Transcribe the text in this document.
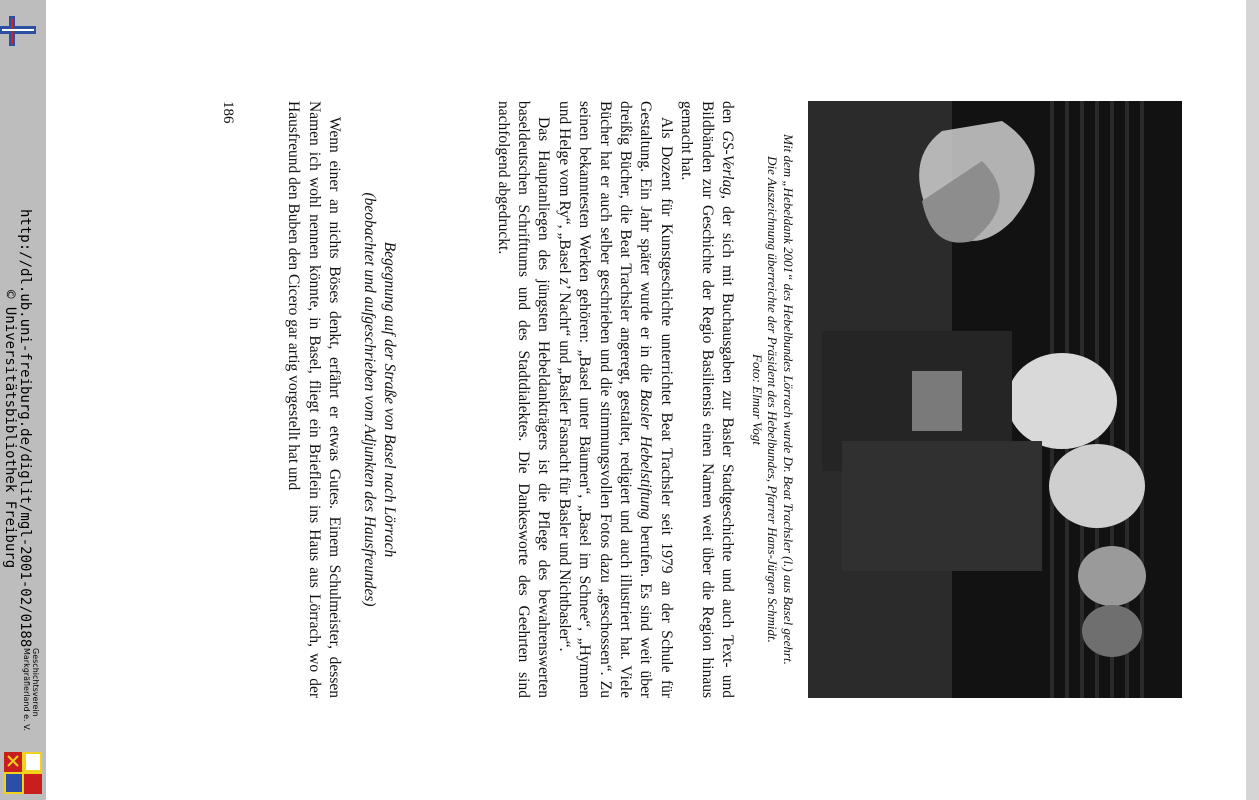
http://dl.ub.uni-freiburg.de/diglit/mgl-2001-02/0188
© Universitätsbibliothek Freiburg
Geschichtsverein
Markgräflerland e. V.
Mit dem „Hebeldank 2001“ des Hebelbundes Lörrach wurde Dr. Beat Trachsler (l.) aus Basel geehrt.
Die Auszeichnung überreichte der Präsident des Hebelbundes, Pfarrer Hans-Jürgen Schmidt.
Foto: Elmar Vogt

den GS-Verlag, der sich mit Buchausgaben zur Basler Stadtgeschichte und auch Text- und Bildbänden zur Geschichte der Regio Basiliensis einen Namen weit über die Region hinaus gemacht hat.

Als Dozent für Kunstgeschichte unterrichtet Beat Trachsler seit 1979 an der Schule für Gestaltung. Ein Jahr später wurde er in die Basler Hebelstiftung berufen. Es sind weit über dreißig Bücher, die Beat Trachsler angeregt, gestaltet, redigiert und auch illustriert hat. Viele Bücher hat er auch selber geschrieben und die stimmungsvollen Fotos dazu „geschossen“. Zu seinen bekanntesten Werken gehören: „Basel unter Bäumen“, „Basel im Schnee“, „Hymnen und Helge vom Ry“, „Basel z’ Nacht“ und „Basler Fasnacht für Basler und Nichtbasler“.

Das Hauptanliegen des jüngsten Hebeldankträgers ist die Pflege des bewahrenswerten baseldeutschen Schrifttums und des Stadtdialektes. Die Dankesworte des Geehrten sind nachfolgend abgedruckt.

Begegnung auf der Straße von Basel nach Lörrach
(beobachtet und aufgeschrieben vom Adjunkten des Hausfreundes)

Wenn einer an nichts Böses denkt, erfährt er etwas Gutes. Einem Schulmeister, dessen Namen ich wohl nennen könnte, in Basel, fliegt ein Brieflein ins Haus aus Lörrach, wo der Hausfreund den Buben den Cicero gar artig vorgestellt hat und

186
